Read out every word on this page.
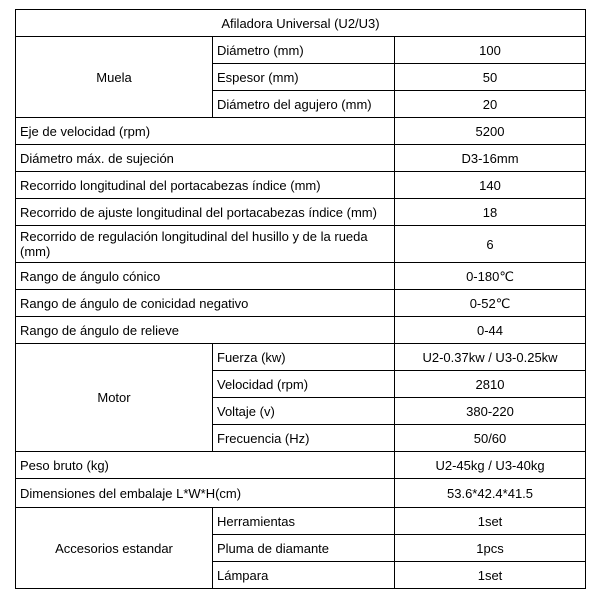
Afiladora Universal (U2/U3)		
Muela	Diámetro (mm)	100
	Espesor (mm)	50
	Diámetro del agujero (mm)	20
Eje de velocidad (rpm)		5200
Diámetro máx. de sujeción		D3-16mm
Recorrido longitudinal del portacabezas índice (mm)		140
Recorrido de ajuste longitudinal del portacabezas índice (mm)		18
Recorrido de regulación longitudinal del husillo y de la rueda (mm)		6
Rango de ángulo cónico		0-180℃
Rango de ángulo de conicidad negativo		0-52℃
Rango de ángulo de relieve		0-44
Motor	Fuerza (kw)	U2-0.37kw / U3-0.25kw
	Velocidad (rpm)	2810
	Voltaje (v)	380-220
	Frecuencia (Hz)	50/60
Peso bruto (kg)		U2-45kg / U3-40kg
Dimensiones del embalaje L*W*H(cm)		53.6*42.4*41.5
Accesorios estandar	Herramientas	1set
	Pluma de diamante	1pcs
	Lámpara	1set
